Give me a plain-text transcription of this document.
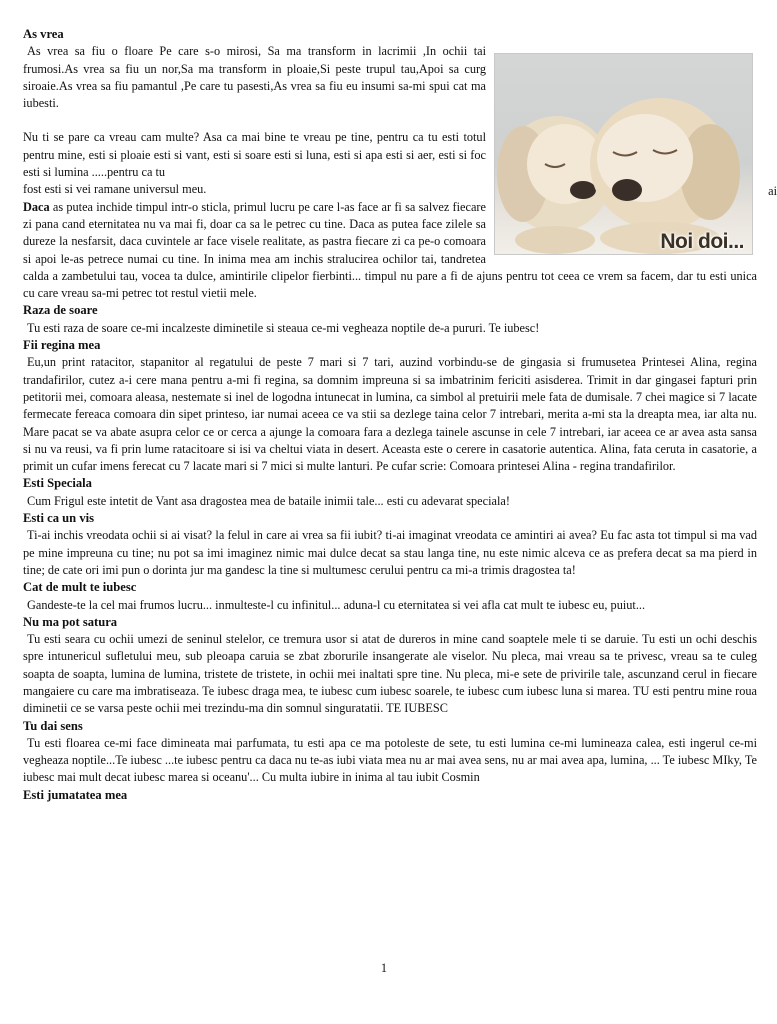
As vrea
Noi doi...
ai

As vrea sa fiu o floare Pe care s-o mirosi, Sa ma transform in lacrimii ,In ochii tai frumosi.As vrea sa fiu un nor,Sa ma transform in ploaie,Si peste trupul tau,Apoi sa curg siroaie.As vrea sa fiu pamantul ,Pe care tu pasesti,As vrea sa fiu eu insumi sa-mi spui cat ma iubesti.

Nu ti se pare ca vreau cam multe? Asa ca mai bine te vreau pe tine, pentru ca tu esti totul pentru mine, esti si ploaie esti si vant, esti si soare esti si luna, esti si apa esti si aer, esti si foc esti si lumina .....pentru ca tu

fost esti si vei ramane universul meu.

Daca as putea inchide timpul intr-o sticla, primul lucru pe care l-as face ar fi sa salvez fiecare zi pana cand eternitatea nu va mai fi, doar ca sa le petrec cu tine. Daca as putea face zilele sa dureze la nesfarsit, daca cuvintele ar face visele realitate, as pastra fiecare zi ca pe-o comoara si apoi le-as petrece numai cu tine. In inima mea am inchis stralucirea ochilor tai, tandretea calda a zambetului tau, vocea ta dulce, amintirile clipelor fierbinti... timpul nu pare a fi de ajuns pentru tot ceea ce vrem sa facem, dar tu esti unica cu care vreau sa-mi petrec tot restul vietii mele.

Raza de soare

Tu esti raza de soare ce-mi incalzeste diminetile si steaua ce-mi vegheaza noptile de-a pururi. Te iubesc!

Fii regina mea

Eu,un print ratacitor, stapanitor al regatului de peste 7 mari si 7 tari, auzind vorbindu-se de gingasia si frumusetea Printesei Alina, regina trandafirilor, cutez a-i cere mana pentru a-mi fi regina, sa domnim impreuna si sa imbatrinim fericiti asisderea. Trimit in dar gingasei fapturi prin petitorii mei, comoara aleasa, nestemate si inel de logodna intunecat in lumina, ca simbol al pretuirii mele fata de dumisale. 7 chei magice si 7 lacate fermecate fereaca comoara din sipet printeso, iar numai aceea ce va stii sa dezlege taina celor 7 intrebari, merita a-mi sta la dreapta mea, iar alta nu. Mare pacat se va abate asupra celor ce or cerca a ajunge la comoara fara a dezlega tainele ascunse in cele 7 intrebari, iar aceea ce ar avea asta sansa si nu va reusi, va fi prin lume ratacitoare si isi va cheltui viata in desert. Aceasta este o cerere in casatorie autentica. Alina, fata ceruta in casatorie, a primit un cufar imens ferecat cu 7 lacate mari si 7 mici si multe lanturi. Pe cufar scrie: Comoara printesei Alina - regina trandafirilor.

Esti Speciala

Cum Frigul este intetit de Vant asa dragostea mea de bataile inimii tale... esti cu adevarat speciala!

Esti ca un vis

Ti-ai inchis vreodata ochii si ai visat? la felul in care ai vrea sa fii iubit? ti-ai imaginat vreodata ce amintiri ai avea? Eu fac asta tot timpul si ma vad pe mine impreuna cu tine; nu pot sa imi imaginez nimic mai dulce decat sa stau langa tine, nu este nimic alceva ce as prefera decat sa ma pierd in tine; de cate ori imi pun o dorinta jur ma gandesc la tine si multumesc cerului pentru ca mi-a trimis dragostea ta!

Cat de mult te iubesc

Gandeste-te la cel mai frumos lucru... inmulteste-l cu infinitul... aduna-l cu eternitatea si vei afla cat mult te iubesc eu, puiut...

Nu ma pot satura

Tu esti seara cu ochii umezi de seninul stelelor, ce tremura usor si atat de dureros in mine cand soaptele mele ti se daruie. Tu esti un ochi deschis spre intunericul sufletului meu, sub pleoapa caruia se zbat zborurile insangerate ale viselor. Nu pleca, mai vreau sa te privesc, vreau sa te culeg soapta de soapta, lumina de lumina, tristete de tristete, in ochii mei inaltati spre tine. Nu pleca, mi-e sete de privirile tale, ascunzand cerul in fiecare mangaiere cu care ma imbratiseaza. Te iubesc draga mea, te iubesc cum iubesc soarele, te iubesc cum iubesc luna si marea. TU esti pentru mine roua diminetii ce se varsa peste ochii mei trezindu-ma din somnul singuratatii. TE IUBESC

Tu dai sens

Tu esti floarea ce-mi face dimineata mai parfumata, tu esti apa ce ma potoleste de sete, tu esti lumina ce-mi lumineaza calea, esti ingerul ce-mi vegheaza noptile...Te iubesc ...te iubesc pentru ca daca nu te-as iubi viata mea nu ar mai avea sens, nu ar mai avea apa, lumina, ... Te iubesc MIky, Te iubesc mai mult decat iubesc marea si oceanu'... Cu multa iubire in inima al tau iubit Cosmin

Esti jumatatea mea
1
